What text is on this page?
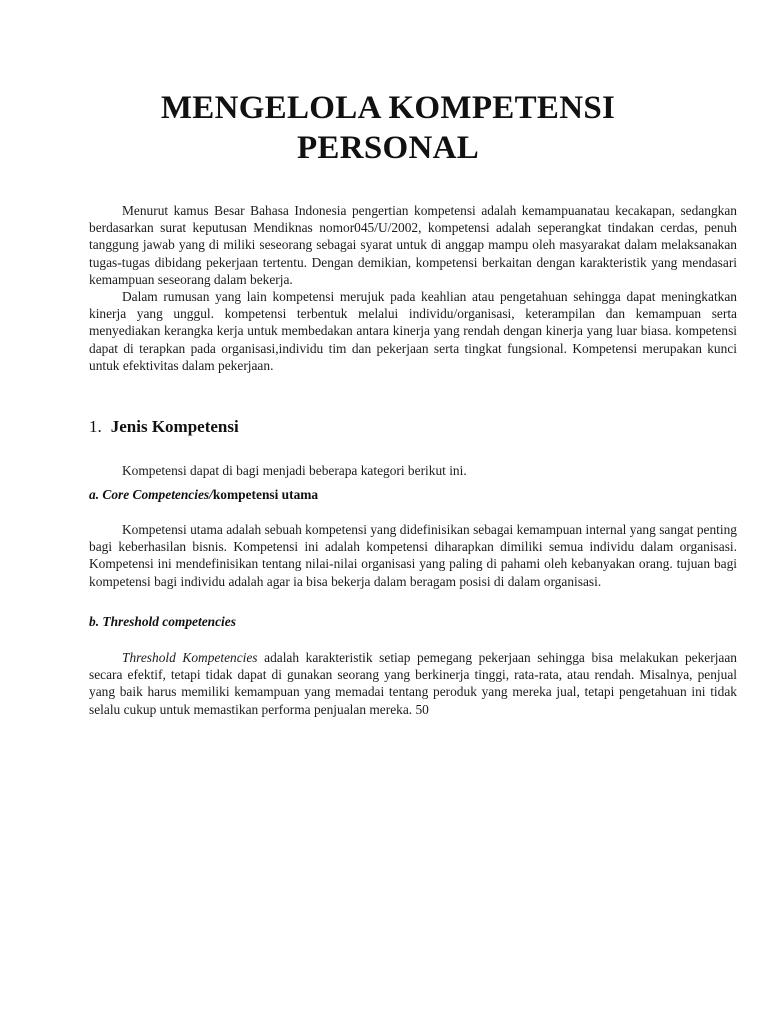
MENGELOLA KOMPETENSI
PERSONAL

Menurut kamus Besar Bahasa Indonesia pengertian kompetensi adalah kemampuanatau kecakapan, sedangkan berdasarkan surat keputusan Mendiknas nomor045/U/2002, kompetensi adalah seperangkat tindakan cerdas, penuh tanggung jawab yang di miliki seseorang sebagai syarat untuk di anggap mampu oleh masyarakat dalam melaksanakan tugas-tugas dibidang pekerjaan tertentu. Dengan demikian, kompetensi berkaitan dengan karakteristik yang mendasari kemampuan seseorang dalam bekerja.

Dalam rumusan yang lain kompetensi merujuk pada keahlian atau pengetahuan sehingga dapat meningkatkan kinerja yang unggul. kompetensi terbentuk melalui individu/organisasi, keterampilan dan kemampuan serta menyediakan kerangka kerja untuk membedakan antara kinerja yang rendah dengan kinerja yang luar biasa. kompetensi dapat di terapkan pada organisasi,individu tim dan pekerjaan serta tingkat fungsional. Kompetensi merupakan kunci untuk efektivitas dalam pekerjaan.

1. Jenis Kompetensi

Kompetensi dapat di bagi menjadi beberapa kategori berikut ini.

a. Core Competencies/kompetensi utama

Kompetensi utama adalah sebuah kompetensi yang didefinisikan sebagai kemampuan internal yang sangat penting bagi keberhasilan bisnis. Kompetensi ini adalah kompetensi diharapkan dimiliki semua individu dalam organisasi. Kompetensi ini mendefinisikan tentang nilai-nilai organisasi yang paling di pahami oleh kebanyakan orang. tujuan bagi kompetensi bagi individu adalah agar ia bisa bekerja dalam beragam posisi di dalam organisasi.

b. Threshold competencies

Threshold Kompetencies adalah karakteristik setiap pemegang pekerjaan sehingga bisa melakukan pekerjaan secara efektif, tetapi tidak dapat di gunakan seorang yang berkinerja tinggi, rata-rata, atau rendah. Misalnya, penjual yang baik harus memiliki kemampuan yang memadai tentang peroduk yang mereka jual, tetapi pengetahuan ini tidak selalu cukup untuk memastikan performa penjualan mereka. 50
